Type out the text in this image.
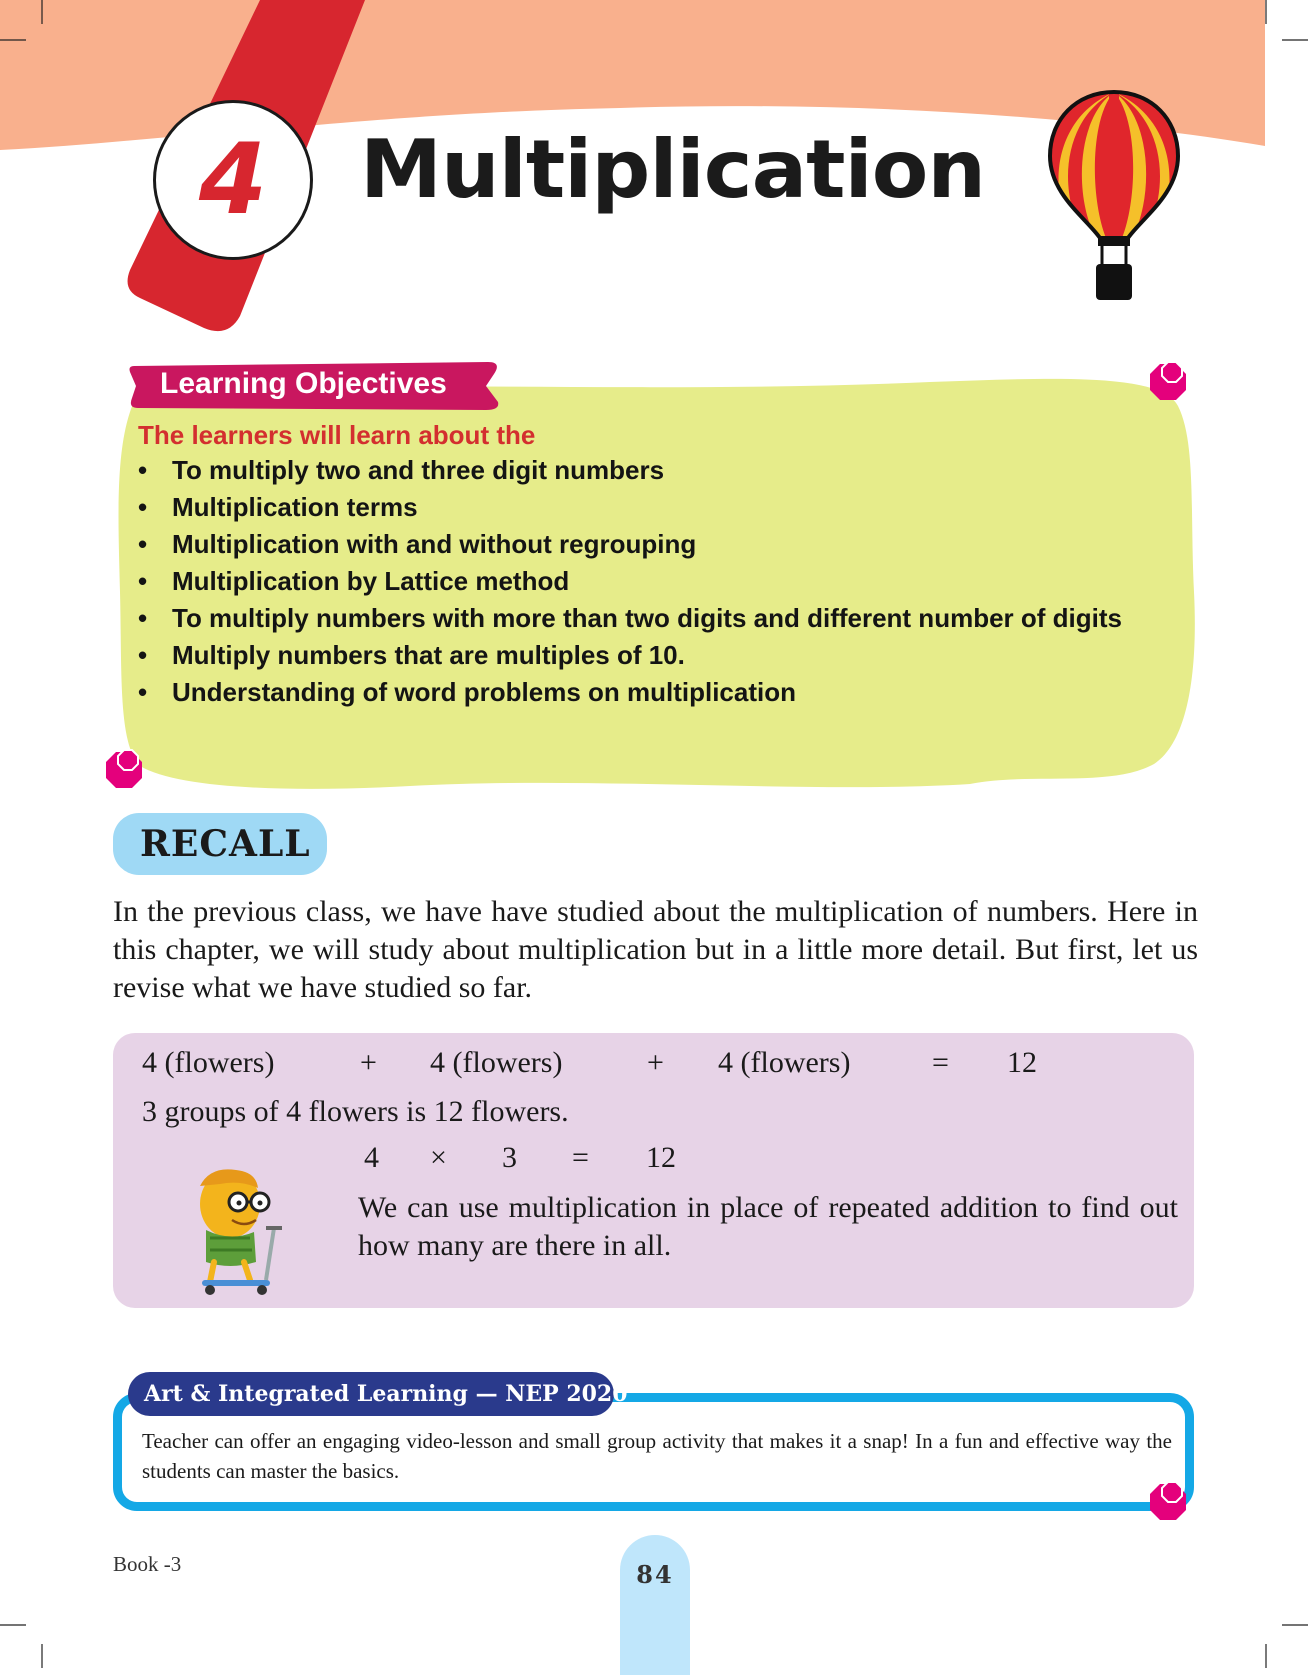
4 Multiplication
Learning Objectives
The learners will learn about the
• To multiply two and three digit numbers
• Multiplication terms
• Multiplication with and without regrouping
• Multiplication by Lattice method
• To multiply numbers with more than two digits and different number of digits
• Multiply numbers that are multiples of 10.
• Understanding of word problems on multiplication
RECALL

In the previous class, we have have studied about the multiplication of numbers. Here in this chapter, we will study about multiplication but in a little more detail. But first, let us revise what we have studied so far.

4 (flowers)	+ 4 (flowers)	+ 4 (flowers)	= 12
3 groups of 4 flowers is 12 flowers.
4 × 3 = 12

We can use multiplication in place of repeated addition to find out how many are there in all.

Art & Integrated Learning — NEP 2020

Teacher can offer an engaging video-lesson and small group activity that makes it a snap! In a fun and effective way the students can master the basics.

Book -3	84
